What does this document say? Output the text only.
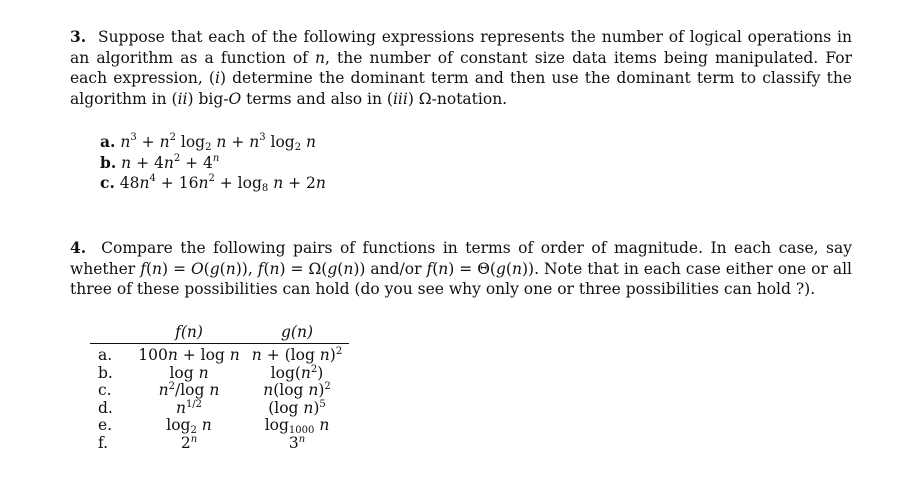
3. Suppose that each of the following expressions represents the number of logical operations in an algorithm as a function of n, the number of constant size data items being manipulated. For each expression, (i) determine the dominant term and then use the dominant term to classify the algorithm in (ii) big-O terms and also in (iii) Ω-notation.

a. $n^3 + n^2$ $\log_2 n + n^3$ $\log_2 n$
b. $n + 4n^2 + 4^n$
c. $48n^4 + 16n^2 + \log_8 n + 2n$

4. Compare the following pairs of functions in terms of order of magnitude. In each case, say whether f(n) = O(g(n)), f(n) = Ω(g(n)) and/or f(n) = Θ(g(n)). Note that in each case either one or all three of these possibilities can hold (do you see why only one or three possibilities can hold ?).

	f(n)	g(n)
a.	100n + log n	n + (log n)$^2$
b.	log n	$\log(n^2)$
c.	$n^2/\log$ n	n(log n)$^2$
d.	$n^{1/2}$	(log n)$^5$
e.	$\log_2 n$	$\log_{1000} n$
f.	2$^n$	3$^n$
